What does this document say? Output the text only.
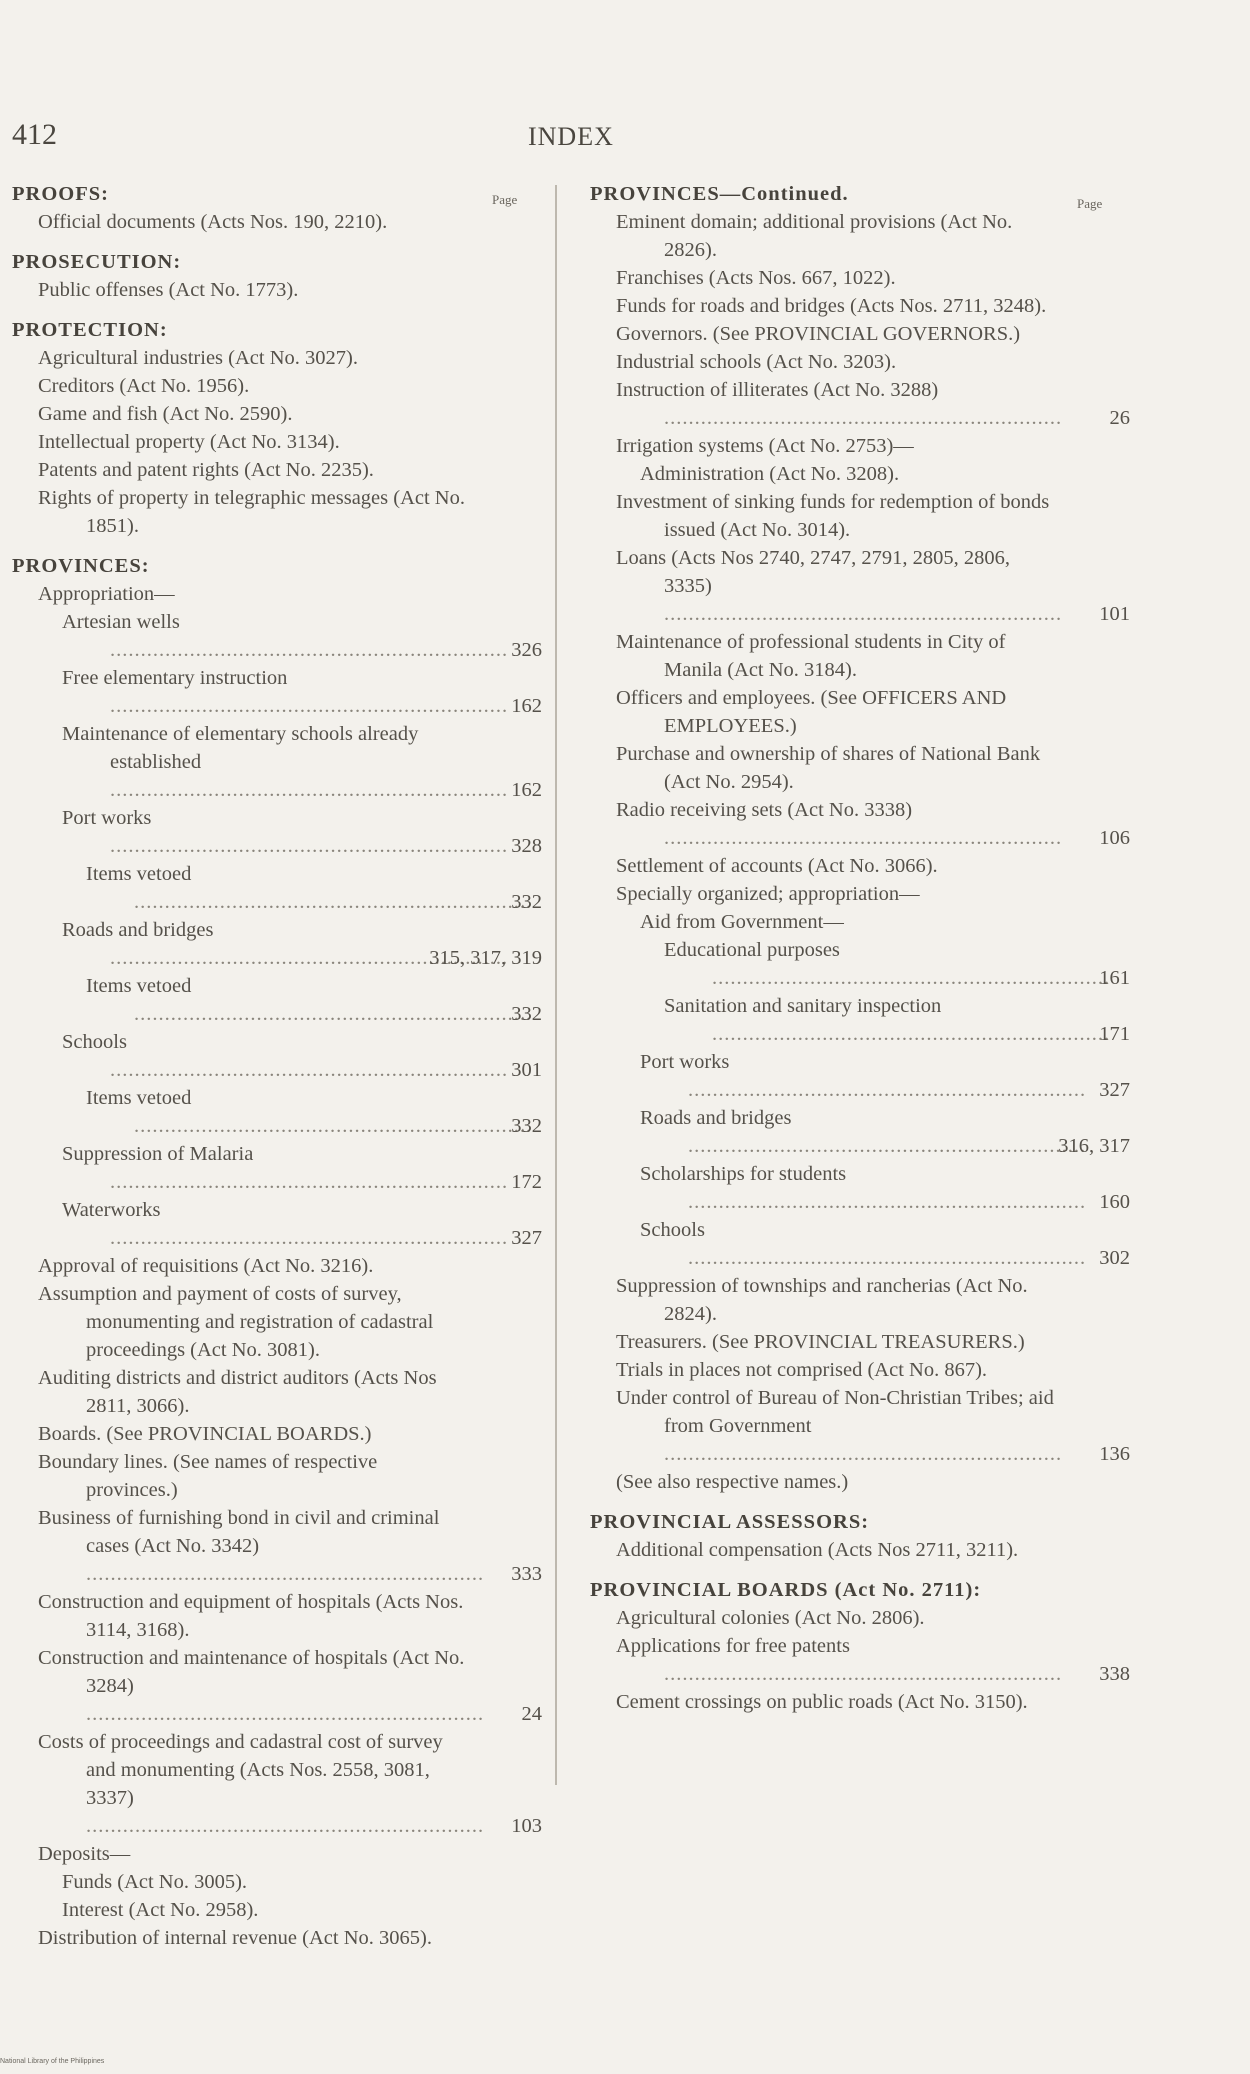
412	INDEX
Page	Page
PROOFS:
Official documents (Acts Nos. 190, 2210).
PROSECUTION:
Public offenses (Act No. 1773).
PROTECTION:
Agricultural industries (Act No. 3027).
Creditors (Act No. 1956).
Game and fish (Act No. 2590).
Intellectual property (Act No. 3134).
Patents and patent rights (Act No. 2235).
Rights of property in telegraphic messages (Act No. 1851).
PROVINCES:
Appropriation—
Artesian wells .....
326
Free elementary instruction .....
162
Maintenance of elementary schools already established .....
162
Port works .....
328
Items vetoed .....
332
Roads and bridges .....
315, 317, 319
Items vetoed .....
332
Schools .....
301
Items vetoed .....
332
Suppression of Malaria .....
172
Waterworks .....
327
Approval of requisitions (Act No. 3216).
Assumption and payment of costs of survey, monumenting and registration of cadastral proceedings (Act No. 3081).
Auditing districts and district auditors (Acts Nos 2811, 3066).
Boards. (See PROVINCIAL BOARDS.)
Boundary lines. (See names of respective provinces.)
Business of furnishing bond in civil and criminal cases (Act No. 3342) .....
333
Construction and equipment of hospitals (Acts Nos. 3114, 3168).
Construction and maintenance of hospitals (Act No. 3284) .....
24
Costs of proceedings and cadastral cost of survey and monumenting (Acts Nos. 2558, 3081, 3337) .....
103
Deposits—
Funds (Act No. 3005).
Interest (Act No. 2958).
Distribution of internal revenue (Act No. 3065).
PROVINCES—Continued.
Eminent domain; additional provisions (Act No. 2826).
Franchises (Acts Nos. 667, 1022).
Funds for roads and bridges (Acts Nos. 2711, 3248).
Governors. (See PROVINCIAL GOVERNORS.)
Industrial schools (Act No. 3203).
Instruction of illiterates (Act No. 3288) .....
26
Irrigation systems (Act No. 2753)—
Administration (Act No. 3208).
Investment of sinking funds for redemption of bonds issued (Act No. 3014).
Loans (Acts Nos 2740, 2747, 2791, 2805, 2806, 3335) .....
101
Maintenance of professional students in City of Manila (Act No. 3184).
Officers and employees. (See OFFICERS AND EMPLOYEES.)
Purchase and ownership of shares of National Bank (Act No. 2954).
Radio receiving sets (Act No. 3338) .....
106
Settlement of accounts (Act No. 3066).
Specially organized; appropriation—
Aid from Government—
Educational purposes .....
161
Sanitation and sanitary inspection .....
171
Port works .....
327
Roads and bridges .....
316, 317
Scholarships for students .....
160
Schools .....
302
Suppression of townships and rancherias (Act No. 2824).
Treasurers. (See PROVINCIAL TREASURERS.)
Trials in places not comprised (Act No. 867).
Under control of Bureau of Non-Christian Tribes; aid from Government .....
136
(See also respective names.)
PROVINCIAL ASSESSORS:
Additional compensation (Acts Nos 2711, 3211).
PROVINCIAL BOARDS (Act No. 2711):
Agricultural colonies (Act No. 2806).
Applications for free patents .....
338
Cement crossings on public roads (Act No. 3150).
National Library of the Philippines
